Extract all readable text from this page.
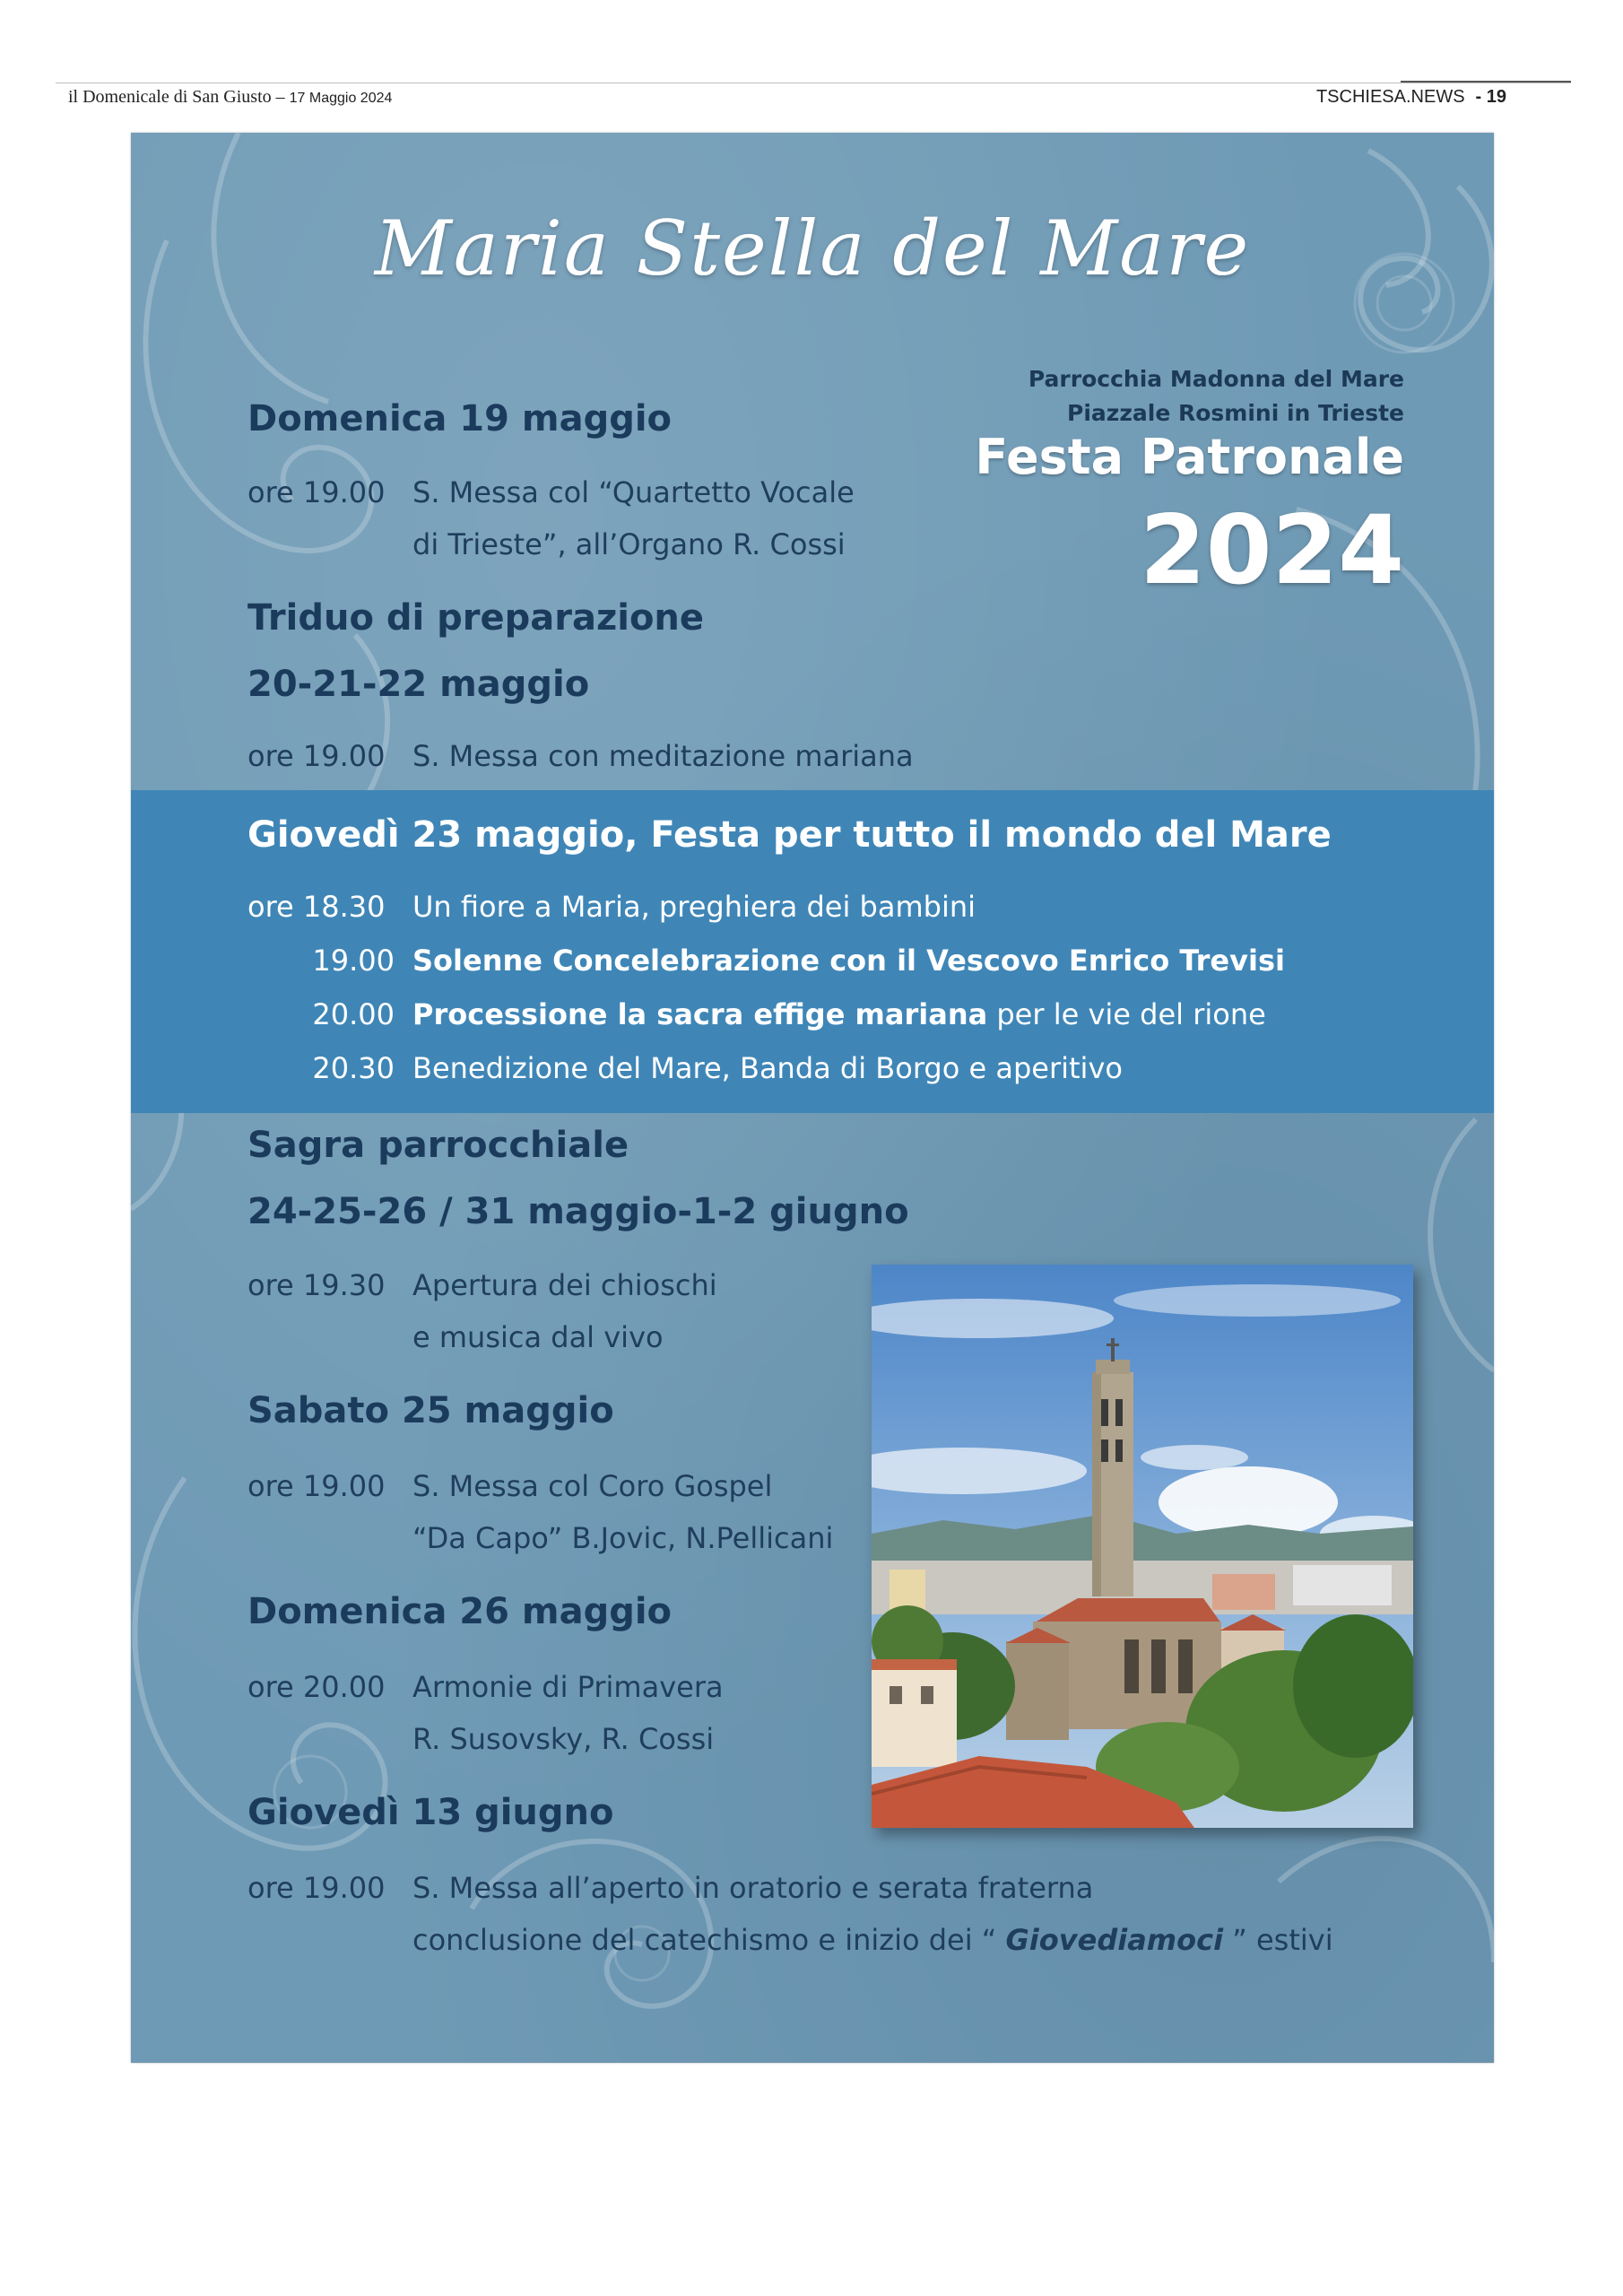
il Domenicale di San Giusto – 17 Maggio 2024	TSCHIESA.NEWS - 19
Maria Stella del Mare
Parrocchia Madonna del Mare
Piazzale Rosmini in Trieste
Festa Patronale
2024
Domenica 19 maggio
ore 19.00 S. Messa col “Quartetto Vocale
di Trieste”, all’Organo R. Cossi
Triduo di preparazione
20-21-22 maggio
ore 19.00 S. Messa con meditazione mariana
Giovedì 23 maggio, Festa per tutto il mondo del Mare
ore 18.30 Un fiore a Maria, preghiera dei bambini
19.00 Solenne Concelebrazione con il Vescovo Enrico Trevisi
20.00 Processione la sacra effige mariana per le vie del rione
20.30 Benedizione del Mare, Banda di Borgo e aperitivo
Sagra parrocchiale
24-25-26 / 31 maggio-1-2 giugno
ore 19.30 Apertura dei chioschi
e musica dal vivo
Sabato 25 maggio
ore 19.00 S. Messa col Coro Gospel
“Da Capo” B.Jovic, N.Pellicani
Domenica 26 maggio
ore 20.00 Armonie di Primavera
R. Susovsky, R. Cossi
Giovedì 13 giugno
ore 19.00 S. Messa all’aperto in oratorio e serata fraterna
conclusione del catechismo e inizio dei “ Giovediamoci ” estivi
